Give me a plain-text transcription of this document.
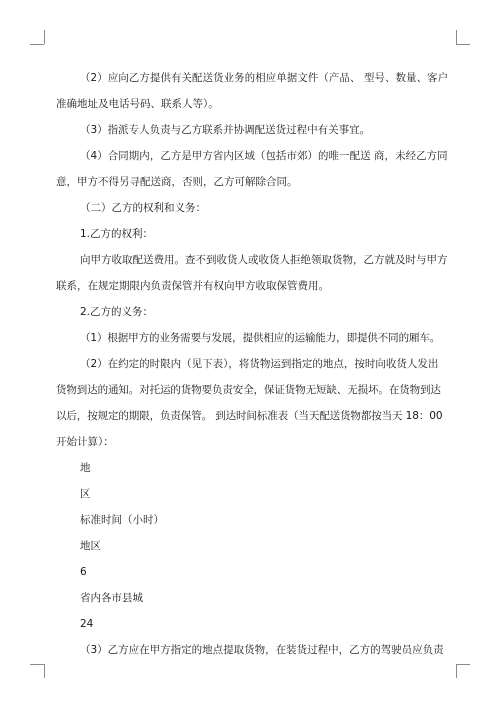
（2）应向乙方提供有关配送货业务的相应单据文件（产品、 型号、数量、客户
准确地址及电话号码、联系人等）。
（3）指派专人负责与乙方联系并协调配送货过程中有关事宜。
（4）合同期内，乙方是甲方省内区域（包括市郊）的唯一配送 商，未经乙方同
意，甲方不得另寻配送商，否则，乙方可解除合同。
（二）乙方的权利和义务：
1.乙方的权利：
向甲方收取配送费用。查不到收货人或收货人拒绝领取货物，乙方就及时与甲方
联系，在规定期限内负责保管并有权向甲方收取保管费用。
2.乙方的义务：
（1）根据甲方的业务需要与发展，提供相应的运输能力，即提供不同的厢车。
（2）在约定的时限内（见下表），将货物运到指定的地点，按时向收货人发出
货物到达的通知。对托运的货物要负责安全，保证货物无短缺、无损坏。在货物到达
以后，按规定的期限，负责保管。 到达时间标准表（当天配送货物都按当天 18：00
开始计算）：
地
区
标准时间（小时）
地区
6
省内各市县城
24
（3）乙方应在甲方指定的地点提取货物，在装货过程中，乙方的驾驶员应负责
